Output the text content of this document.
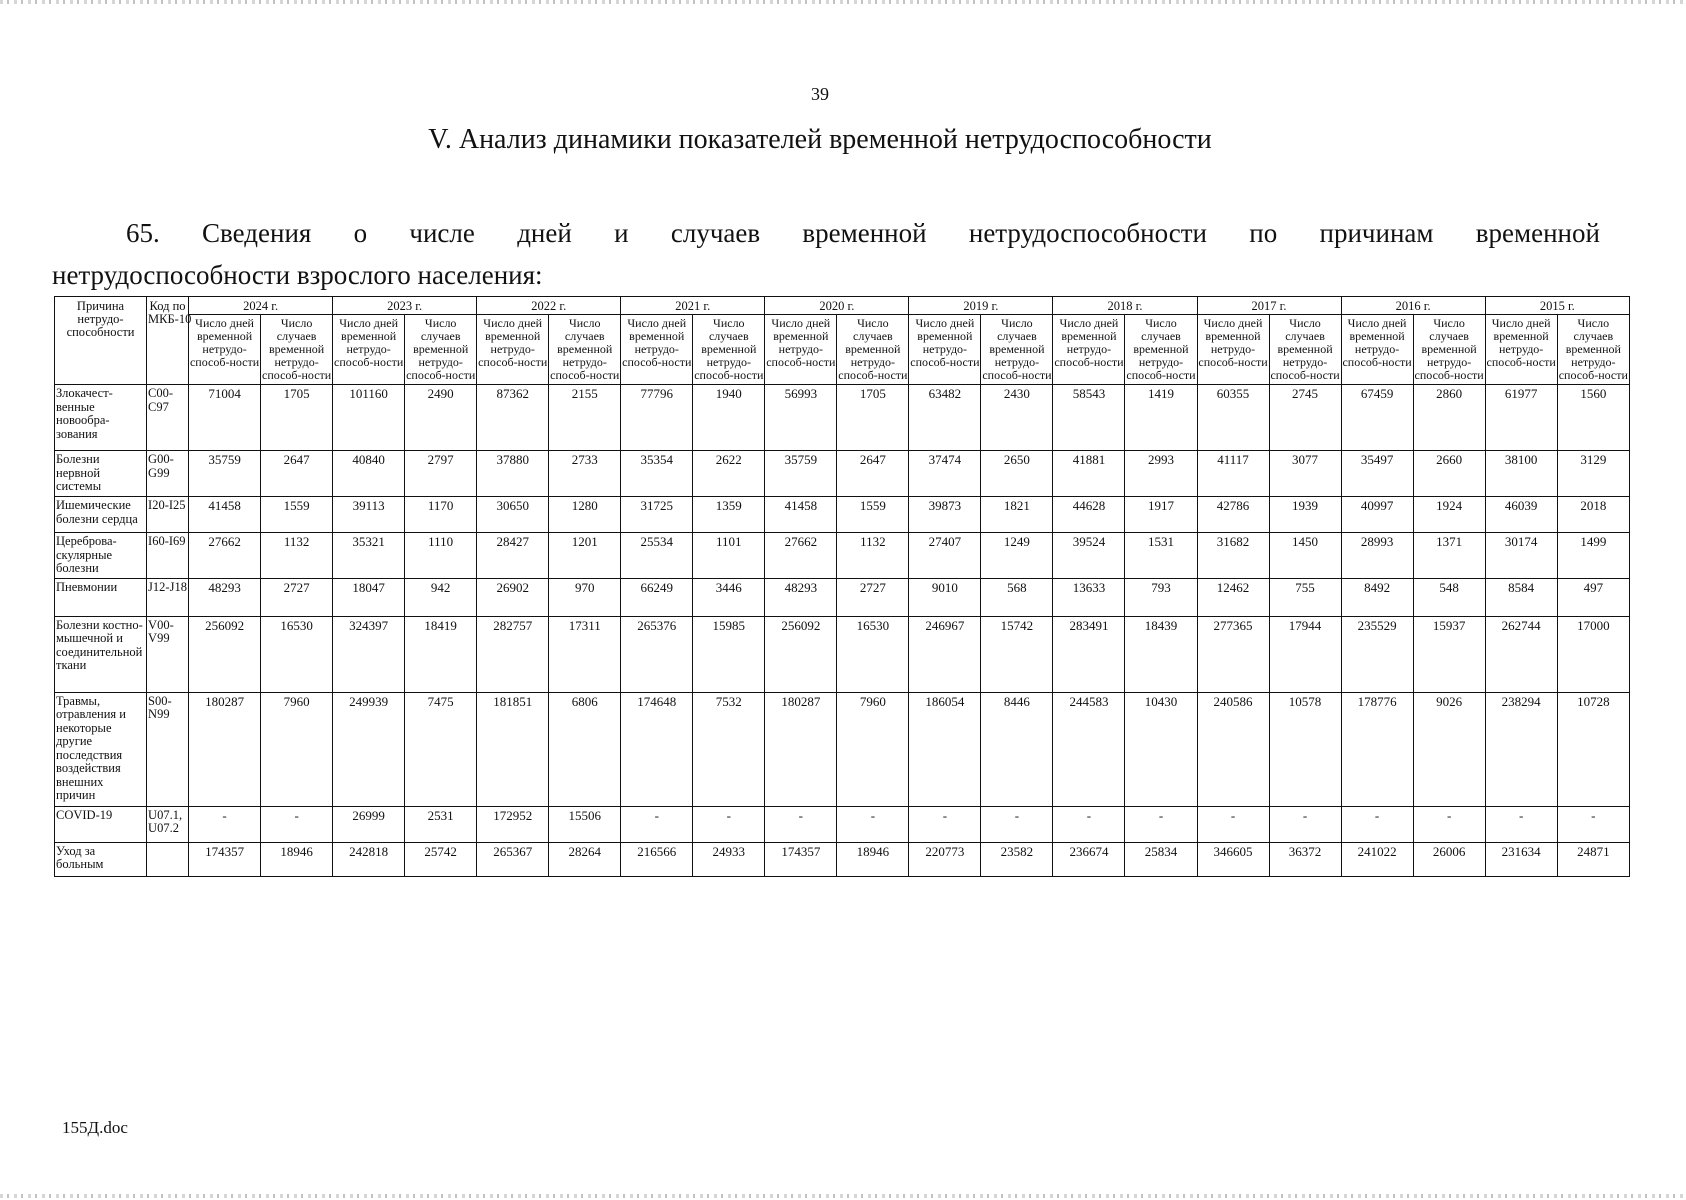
39
V. Анализ динамики показателей временной нетрудоспособности
65. Сведения о числе дней и случаев временной нетрудоспособности по причинам временной
нетрудоспособности взрослого населения:
Причина нетрудо-способности	Код по МКБ-10	2024 г.		2023 г.		2022 г.		2021 г.		2020 г.		2019 г.		2018 г.		2017 г.		2016 г.		2015 г.	
		Число дней временной нетрудо-способ-ности	Число случаев временной нетрудо-способ-ности	Число дней временной нетрудо-способ-ности	Число случаев временной нетрудо-способ-ности	Число дней временной нетрудо-способ-ности	Число случаев временной нетрудо-способ-ности	Число дней временной нетрудо-способ-ности	Число случаев временной нетрудо-способ-ности	Число дней временной нетрудо-способ-ности	Число случаев временной нетрудо-способ-ности	Число дней временной нетрудо-способ-ности	Число случаев временной нетрудо-способ-ности	Число дней временной нетрудо-способ-ности	Число случаев временной нетрудо-способ-ности	Число дней временной нетрудо-способ-ности	Число случаев временной нетрудо-способ-ности	Число дней временной нетрудо-способ-ности	Число случаев временной нетрудо-способ-ности	Число дней временной нетрудо-способ-ности	Число случаев временной нетрудо-способ-ности
Злокачест-венные новообра-зования	C00-C97	71004	1705	101160	2490	87362	2155	77796	1940	56993	1705	63482	2430	58543	1419	60355	2745	67459	2860	61977	1560
Болезни нервной системы	G00-G99	35759	2647	40840	2797	37880	2733	35354	2622	35759	2647	37474	2650	41881	2993	41117	3077	35497	2660	38100	3129
Ишемические болезни сердца	I20-I25	41458	1559	39113	1170	30650	1280	31725	1359	41458	1559	39873	1821	44628	1917	42786	1939	40997	1924	46039	2018
Цереброва-скулярные болезни	I60-I69	27662	1132	35321	1110	28427	1201	25534	1101	27662	1132	27407	1249	39524	1531	31682	1450	28993	1371	30174	1499
Пневмонии	J12-J18	48293	2727	18047	942	26902	970	66249	3446	48293	2727	9010	568	13633	793	12462	755	8492	548	8584	497
Болезни костно-мышечной и соединительной ткани	V00-V99	256092	16530	324397	18419	282757	17311	265376	15985	256092	16530	246967	15742	283491	18439	277365	17944	235529	15937	262744	17000
Травмы, отравления и некоторые другие последствия воздействия внешних причин	S00-N99	180287	7960	249939	7475	181851	6806	174648	7532	180287	7960	186054	8446	244583	10430	240586	10578	178776	9026	238294	10728
COVID-19	U07.1, U07.2	-	-	26999	2531	172952	15506	-	-	-	-	-	-	-	-	-	-	-	-	-	-
Уход за больным		174357	18946	242818	25742	265367	28264	216566	24933	174357	18946	220773	23582	236674	25834	346605	36372	241022	26006	231634	24871
155Д.doc
